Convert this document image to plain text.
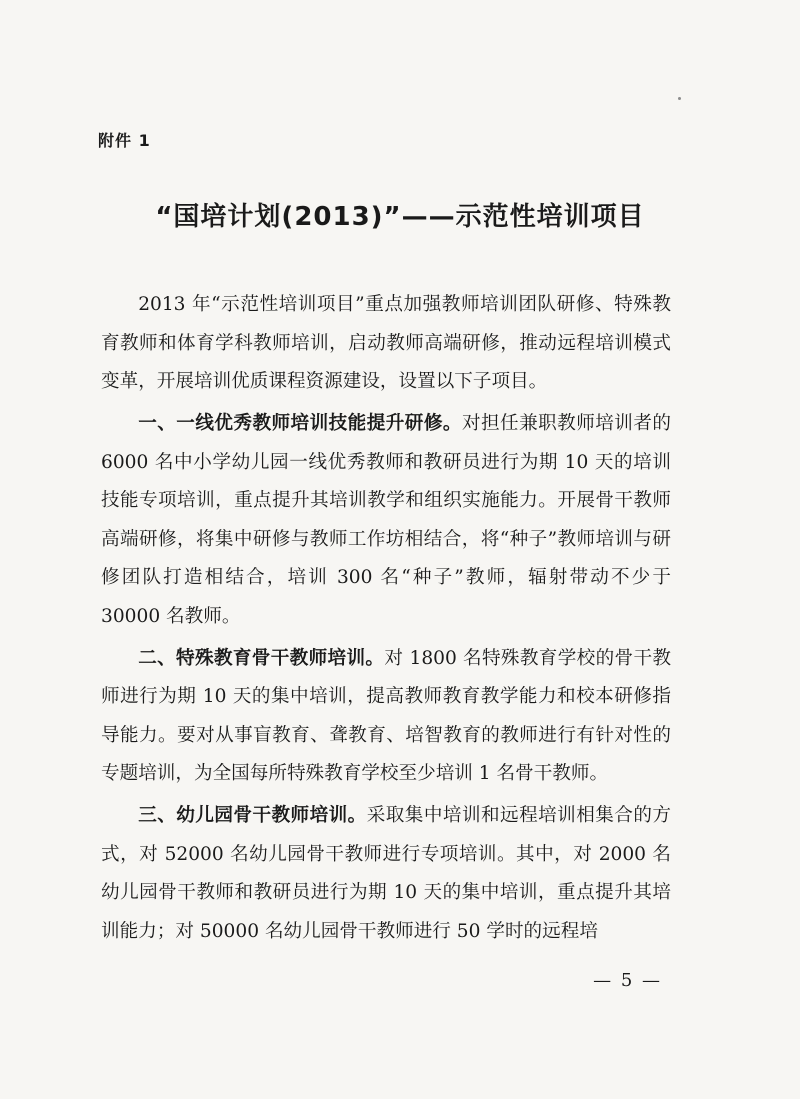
附件 1
“国培计划(2013)”——示范性培训项目

2013 年“示范性培训项目”重点加强教师培训团队研修、特殊教育教师和体育学科教师培训，启动教师高端研修，推动远程培训模式变革，开展培训优质课程资源建设，设置以下子项目。

一、一线优秀教师培训技能提升研修。对担任兼职教师培训者的 6000 名中小学幼儿园一线优秀教师和教研员进行为期 10 天的培训技能专项培训，重点提升其培训教学和组织实施能力。开展骨干教师高端研修，将集中研修与教师工作坊相结合，将“种子”教师培训与研修团队打造相结合，培训 300 名“种子”教师，辐射带动不少于 30000 名教师。

二、特殊教育骨干教师培训。对 1800 名特殊教育学校的骨干教师进行为期 10 天的集中培训，提高教师教育教学能力和校本研修指导能力。要对从事盲教育、聋教育、培智教育的教师进行有针对性的专题培训，为全国每所特殊教育学校至少培训 1 名骨干教师。

三、幼儿园骨干教师培训。采取集中培训和远程培训相集合的方式，对 52000 名幼儿园骨干教师进行专项培训。其中，对 2000 名幼儿园骨干教师和教研员进行为期 10 天的集中培训，重点提升其培训能力；对 50000 名幼儿园骨干教师进行 50 学时的远程培

— 5 —
